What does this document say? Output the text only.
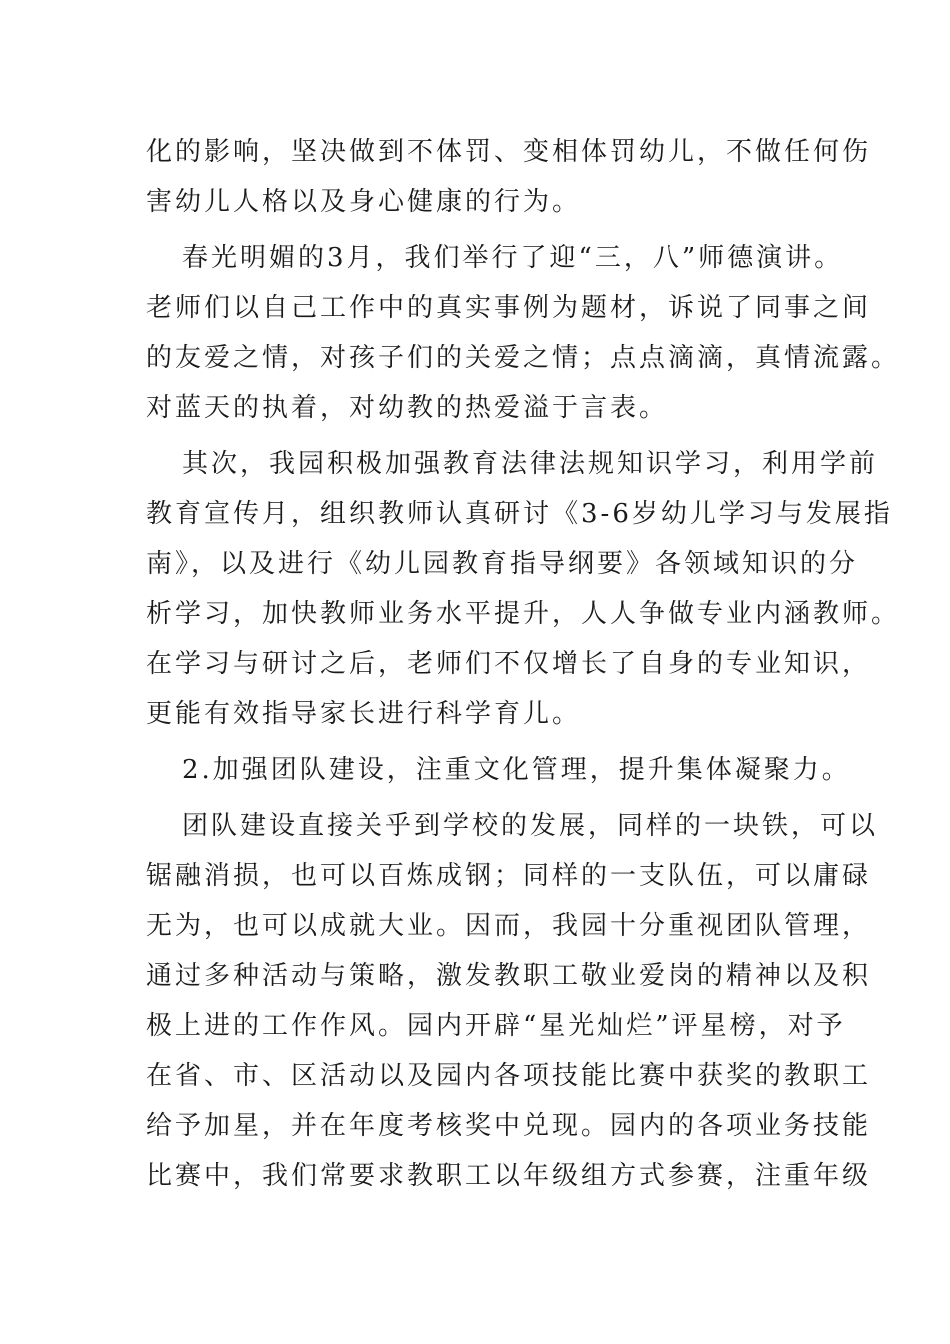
化的影响，坚决做到不体罚、变相体罚幼儿，不做任何伤
害幼儿人格以及身心健康的行为。
春光明媚的3月，我们举行了迎“三，八”师德演讲。
老师们以自己工作中的真实事例为题材，诉说了同事之间
的友爱之情，对孩子们的关爱之情；点点滴滴，真情流露。
对蓝天的执着，对幼教的热爱溢于言表。
其次，我园积极加强教育法律法规知识学习，利用学前
教育宣传月，组织教师认真研讨《3-6岁幼儿学习与发展指
南》，以及进行《幼儿园教育指导纲要》各领域知识的分
析学习，加快教师业务水平提升，人人争做专业内涵教师。
在学习与研讨之后，老师们不仅增长了自身的专业知识，
更能有效指导家长进行科学育儿。
2.加强团队建设，注重文化管理，提升集体凝聚力。
团队建设直接关乎到学校的发展，同样的一块铁，可以
锯融消损，也可以百炼成钢；同样的一支队伍，可以庸碌
无为，也可以成就大业。因而，我园十分重视团队管理，
通过多种活动与策略，激发教职工敬业爱岗的精神以及积
极上进的工作作风。园内开辟“星光灿烂”评星榜，对予
在省、市、区活动以及园内各项技能比赛中获奖的教职工
给予加星，并在年度考核奖中兑现。园内的各项业务技能
比赛中，我们常要求教职工以年级组方式参赛，注重年级
